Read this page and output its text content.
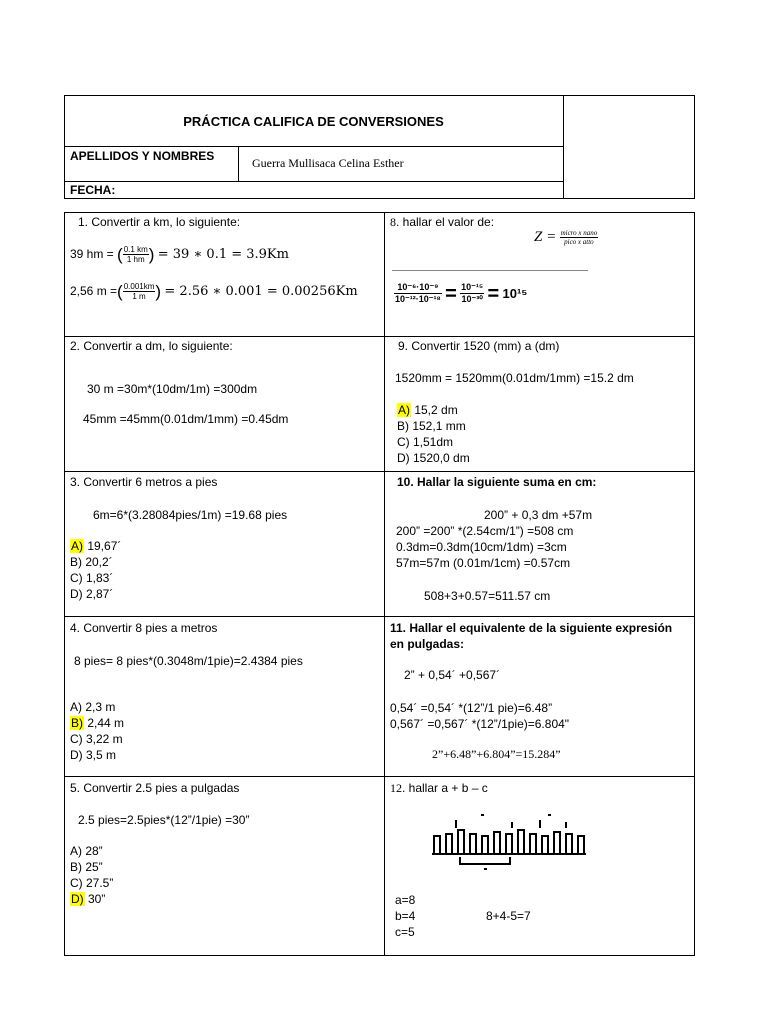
PRÁCTICA CALIFICA DE CONVERSIONES
APELLIDOS Y NOMBRES	Guerra Mullisaca Celina Esther
FECHA:
1. Convertir a km, lo siguiente:
39 hm = ( $\frac{0.1 km}{1 hm}$ ) = 39 ∗ 0.1 = 3.9Km
2,56 m =( $\frac{0.001km}{1 m}$ ) = 2.56 ∗ 0.001 = 0.00256Km
8. hallar el valor de:
$Z = \frac{\text{micro x nano}}{\text{pico x atto}}$
$\frac{\text{10⁻⁶·10⁻⁹}}{\text{10⁻¹²·10⁻¹⁸}} = \frac{\text{10⁻¹⁵}}{\text{10⁻³⁰}} = 10^{15}$
2. Convertir a dm, lo siguiente:
30 m =30m*(10dm/1m) =300dm
45mm =45mm(0.01dm/1mm) =0.45dm
9. Convertir 1520 (mm) a (dm)
1520mm = 1520mm(0.01dm/1mm) =15.2 dm
A) 15,2 dm
B) 152,1 mm
C) 1,51dm
D) 1520,0 dm
3. Convertir 6 metros a pies
6m=6*(3.28084pies/1m) =19.68 pies
A) 19,67´
B) 20,2´
C) 1,83´
D) 2,87´
10. Hallar la siguiente suma en cm:
200” + 0,3 dm +57m
200” =200” *(2.54cm/1”) =508 cm
0.3dm=0.3dm(10cm/1dm) =3cm
57m=57m (0.01m/1cm) =0.57cm
508+3+0.57=511.57 cm
4. Convertir 8 pies a metros
8 pies= 8 pies*(0.3048m/1pie)=2.4384 pies
A) 2,3 m
B) 2,44 m
C) 3,22 m
D) 3,5 m
11. Hallar el equivalente de la siguiente expresión
en pulgadas:
2” + 0,54´ +0,567´
0,54´ =0,54´ *(12”/1 pie)=6.48”
0,567´ =0,567´ *(12”/1pie)=6.804"
2”+6.48”+6.804”=15.284”
5. Convertir 2.5 pies a pulgadas
2.5 pies=2.5pies*(12”/1pie) =30”
A) 28”
B) 25”
C) 27.5”
D) 30”
12. hallar a + b – c
a=8
b=4
c=5
8+4-5=7
